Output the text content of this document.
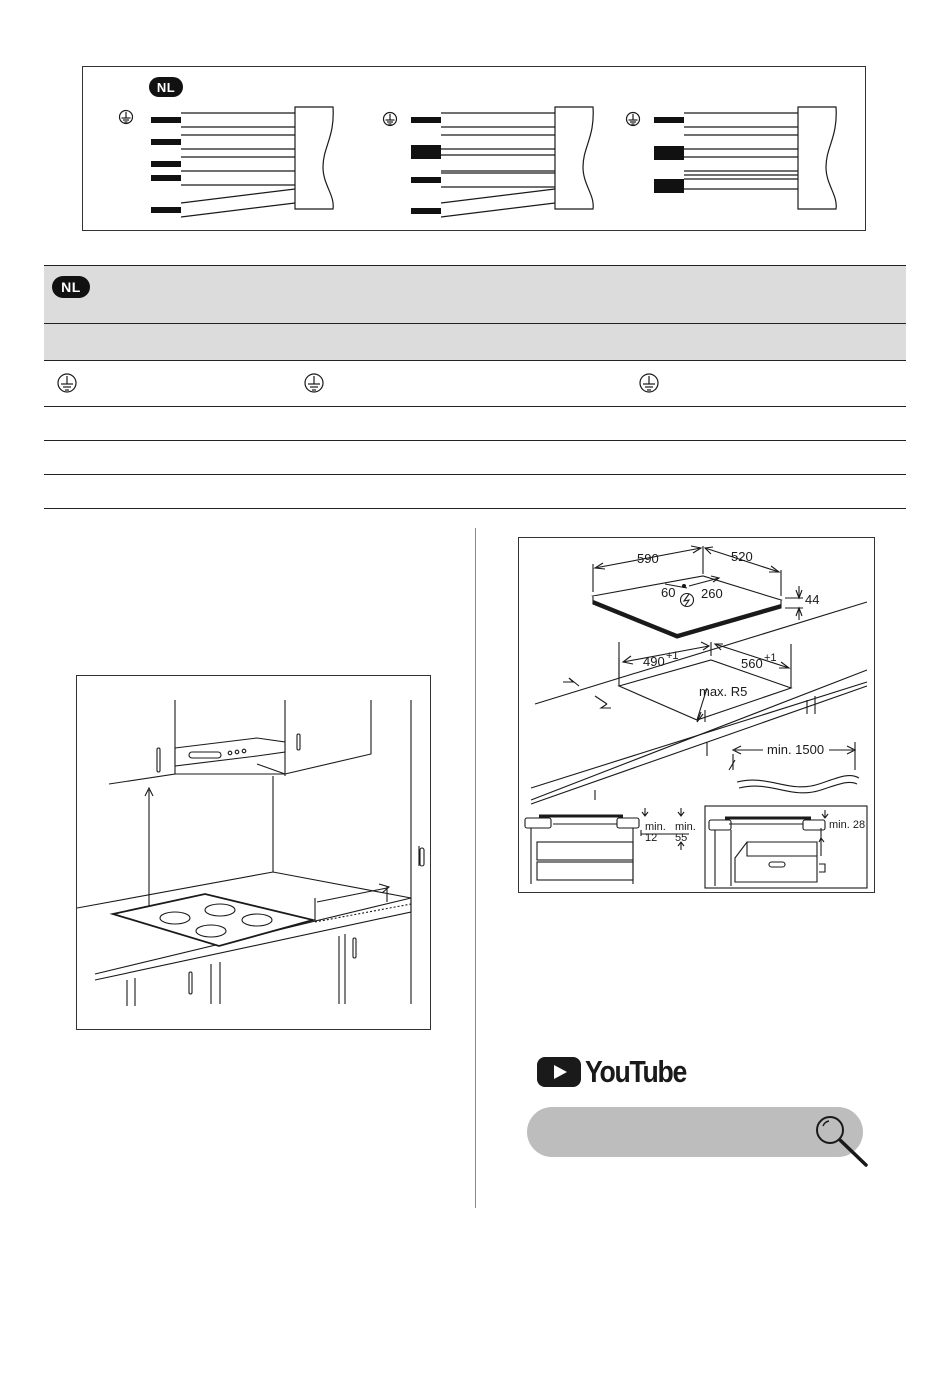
NL
NL
590	520
60 260	44
490 +1	560 +1
max. R5
min. 1500
min.
12
min.
55
min. 28
YouTube
